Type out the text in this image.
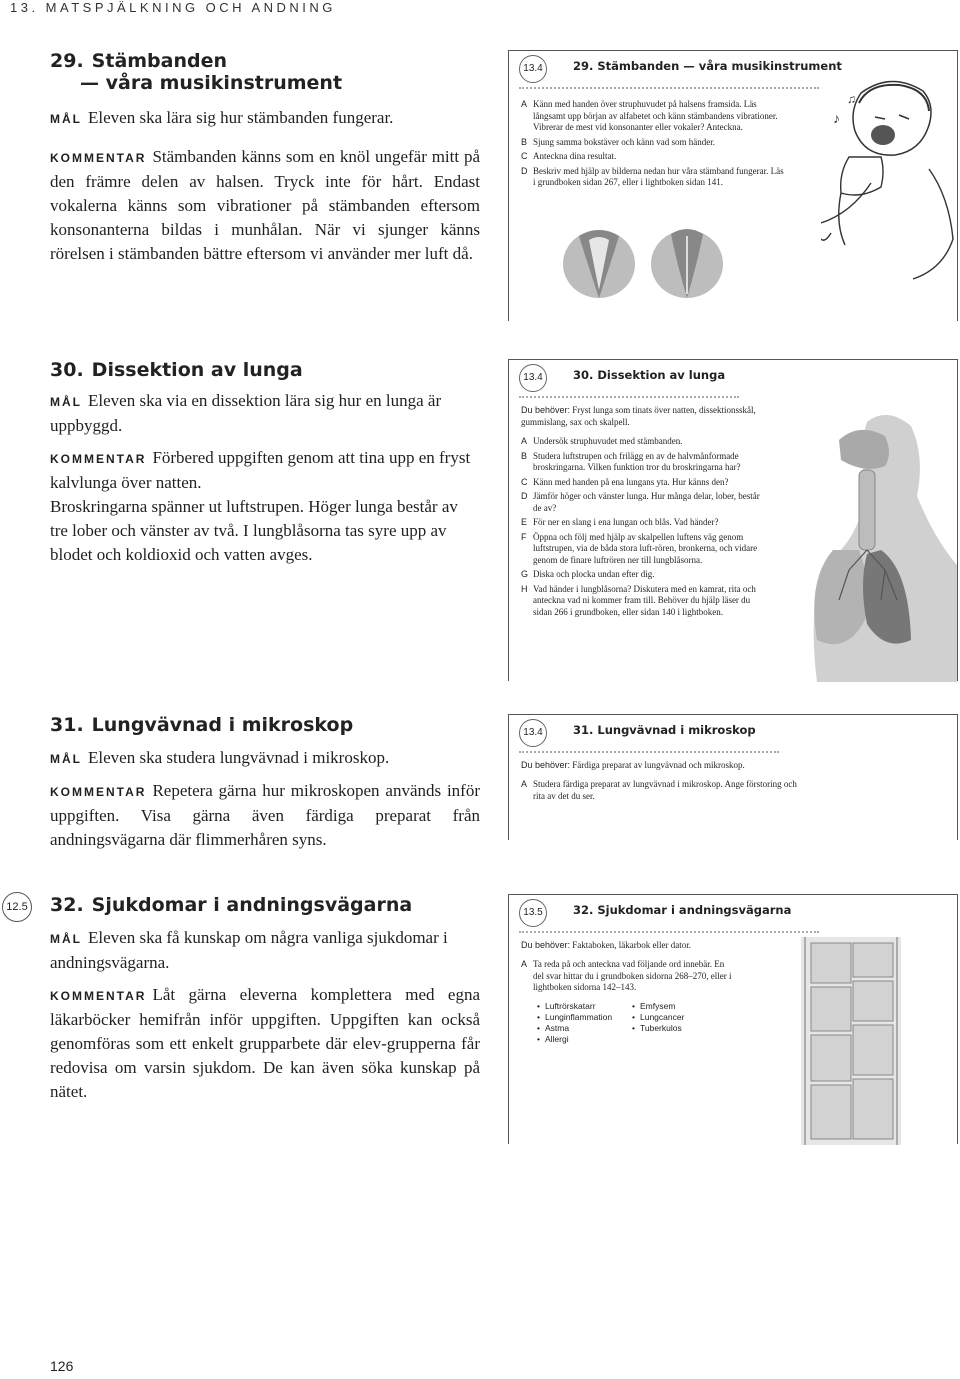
13. MATSPJÄLKNING OCH ANDNING
29. Stämbanden
— våra musikinstrument
MÅL Eleven ska lära sig hur stämbanden fungerar.
KOMMENTAR Stämbanden känns som en knöl ungefär mitt på den främre delen av halsen. Tryck inte för hårt. Endast vokalerna känns som vibrationer på stämbanden eftersom konsonanterna bildas i munhålan. När vi sjunger känns rörelsen i stämbanden bättre eftersom vi använder mer luft då.
13.4	29. Stämbanden — våra musikinstrument
A Känn med handen över struphuvudet på halsens framsida. Läs långsamt upp början av alfabetet och känn stämbandens vibrationer. Vibrerar de mest vid konsonanter eller vokaler? Anteckna.
B Sjung samma bokstäver och känn vad som händer.
C Anteckna dina resultat.
D Beskriv med hjälp av bilderna nedan hur våra stämband fungerar. Läs i grundboken sidan 267, eller i lightboken sidan 141.
♪
♫
30. Dissektion av lunga
MÅL Eleven ska via en dissektion lära sig hur en lunga är uppbyggd.
KOMMENTAR Förbered uppgiften genom att tina upp en fryst kalvlunga över natten.
Broskringarna spänner ut luftstrupen. Höger lunga består av tre lober och vänster av två. I lungblåsorna tas syre upp av blodet och koldioxid och vatten avges.
13.4	30. Dissektion av lunga
Du behöver: Fryst lunga som tinats över natten, dissektionsskål, gummislang, sax och skalpell.
A Undersök struphuvudet med stämbanden.
B Studera luftstrupen och frilägg en av de halvmånformade broskringarna. Vilken funktion tror du broskringarna har?
C Känn med handen på ena lungans yta. Hur känns den?
D Jämför höger och vänster lunga. Hur många delar, lober, består de av?
E För ner en slang i ena lungan och blås. Vad händer?
F Öppna och följ med hjälp av skalpellen luftens väg genom luftstrupen, via de båda stora luft-rören, bronkerna, och vidare genom de finare luftrören ner till lungblåsorna.
G Diska och plocka undan efter dig.
H Vad händer i lungblåsorna? Diskutera med en kamrat, rita och anteckna vad ni kommer fram till. Behöver du hjälp läser du sidan 266 i grundboken, eller sidan 140 i lightboken.
31. Lungvävnad i mikroskop
MÅL Eleven ska studera lungvävnad i mikroskop.
KOMMENTAR Repetera gärna hur mikroskopen används inför uppgiften. Visa gärna även färdiga preparat från andningsvägarna där flimmerhåren syns.
13.4	31. Lungvävnad i mikroskop
Du behöver: Färdiga preparat av lungvävnad och mikroskop.
A Studera färdiga preparat av lungvävnad i mikroskop. Ange förstoring och rita av det du ser.
12.5 32. Sjukdomar i andningsvägarna
MÅL Eleven ska få kunskap om några vanliga sjukdomar i andningsvägarna.
KOMMENTAR Låt gärna eleverna komplettera med egna läkarböcker hemifrån inför uppgiften. Uppgiften kan också genomföras som ett enkelt grupparbete där elev-grupperna får redovisa om varsin sjukdom. De kan även söka kunskap på nätet.
13.5	32. Sjukdomar i andningsvägarna
Du behöver: Faktaboken, läkarbok eller dator.
A Ta reda på och anteckna vad följande ord innebär. En del svar hittar du i grundboken sidorna 268–270, eller i lightboken sidorna 142–143.
• Luftrörskatarr
• Lunginflammation
• Astma
• Allergi
• Emfysem
• Lungcancer
• Tuberkulos
126
